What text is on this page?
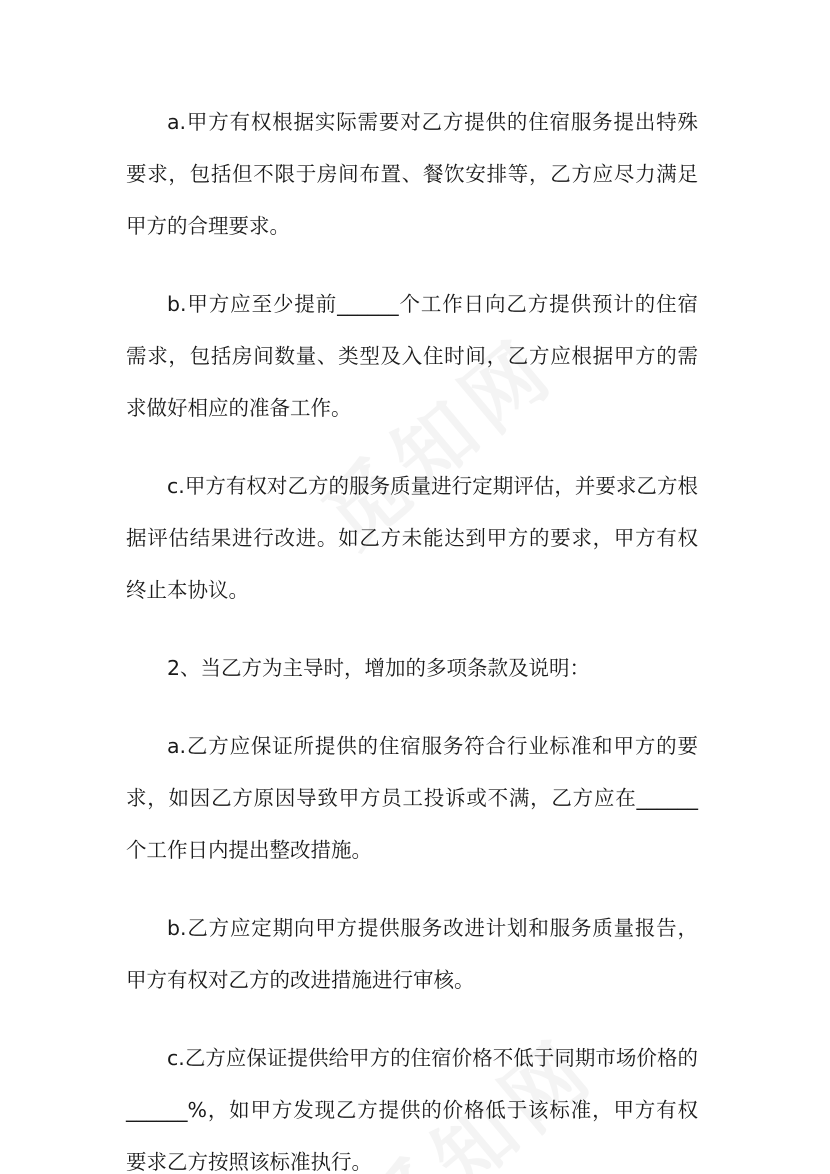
a.甲方有权根据实际需要对乙方提供的住宿服务提出特殊要求，包括但不限于房间布置、餐饮安排等，乙方应尽力满足甲方的合理要求。

b.甲方应至少提前______个工作日向乙方提供预计的住宿需求，包括房间数量、类型及入住时间，乙方应根据甲方的需求做好相应的准备工作。

c.甲方有权对乙方的服务质量进行定期评估，并要求乙方根据评估结果进行改进。如乙方未能达到甲方的要求，甲方有权终止本协议。

2、当乙方为主导时，增加的多项条款及说明：

a.乙方应保证所提供的住宿服务符合行业标准和甲方的要求，如因乙方原因导致甲方员工投诉或不满，乙方应在______个工作日内提出整改措施。

b.乙方应定期向甲方提供服务改进计划和服务质量报告，甲方有权对乙方的改进措施进行审核。

c.乙方应保证提供给甲方的住宿价格不低于同期市场价格的______%，如甲方发现乙方提供的价格低于该标准，甲方有权要求乙方按照该标准执行。
